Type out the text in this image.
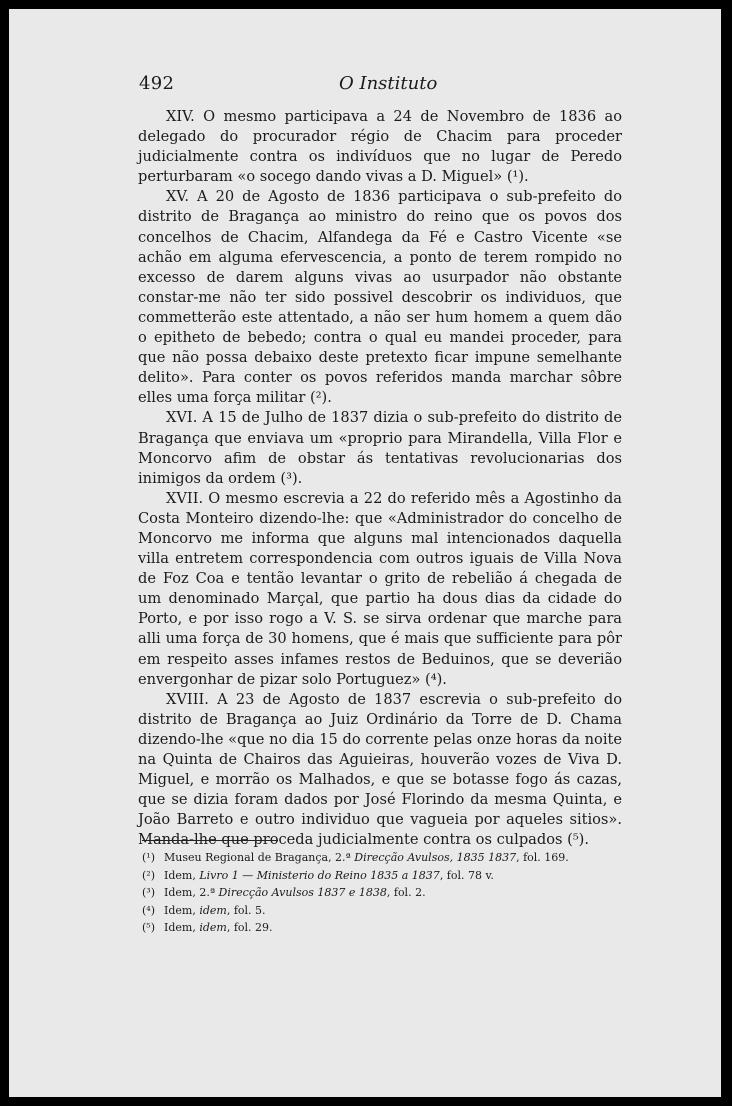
492	O Instituto

XIV. O mesmo participava a 24 de Novembro de 1836 ao delegado do procurador régio de Chacim para proceder judicialmente contra os indivíduos que no lugar de Peredo perturbaram «o socego dando vivas a D. Miguel» (¹).

XV. A 20 de Agosto de 1836 participava o sub-prefeito do distrito de Bragança ao ministro do reino que os povos dos concelhos de Chacim, Alfandega da Fé e Castro Vicente «se achão em alguma efervescencia, a ponto de terem rompido no excesso de darem alguns vivas ao usurpador não obstante constar-me não ter sido possivel descobrir os individuos, que commetterão este attentado, a não ser hum homem a quem dão o epitheto de bebedo; contra o qual eu mandei proceder, para que não possa debaixo deste pretexto ficar impune semelhante delito». Para conter os povos referidos manda marchar sôbre elles uma força militar (²).

XVI. A 15 de Julho de 1837 dizia o sub-prefeito do distrito de Bragança que enviava um «proprio para Mirandella, Villa Flor e Moncorvo afim de obstar ás tentativas revolucionarias dos inimigos da ordem (³).

XVII. O mesmo escrevia a 22 do referido mês a Agostinho da Costa Monteiro dizendo-lhe: que «Administrador do concelho de Moncorvo me informa que alguns mal intencionados daquella villa entretem correspondencia com outros iguais de Villa Nova de Foz Coa e tentão levantar o grito de rebelião á chegada de um denominado Marçal, que partio ha dous dias da cidade do Porto, e por isso rogo a V. S. se sirva ordenar que marche para alli uma força de 30 homens, que é mais que sufficiente para pôr em respeito asses infames restos de Beduinos, que se deverião envergonhar de pizar solo Portuguez» (⁴).

XVIII. A 23 de Agosto de 1837 escrevia o sub-prefeito do distrito de Bragança ao Juiz Ordinário da Torre de D. Chama dizendo-lhe «que no dia 15 do corrente pelas onze horas da noite na Quinta de Chairos das Aguieiras, houverão vozes de Viva D. Miguel, e morrão os Malhados, e que se botasse fogo ás cazas, que se dizia foram dados por José Florindo da mesma Quinta, e João Barreto e outro individuo que vagueia por aqueles sitios». Manda-lhe que proceda judicialmente contra os culpados (⁵).

(¹) Museu Regional de Bragança, 2.ª Direcção Avulsos, 1835 1837, fol. 169.

(²) Idem, Livro 1 — Ministerio do Reino 1835 a 1837, fol. 78 v.

(³) Idem, 2.ª Direcção Avulsos 1837 e 1838, fol. 2.

(⁴) Idem, idem, fol. 5.

(⁵) Idem, idem, fol. 29.
